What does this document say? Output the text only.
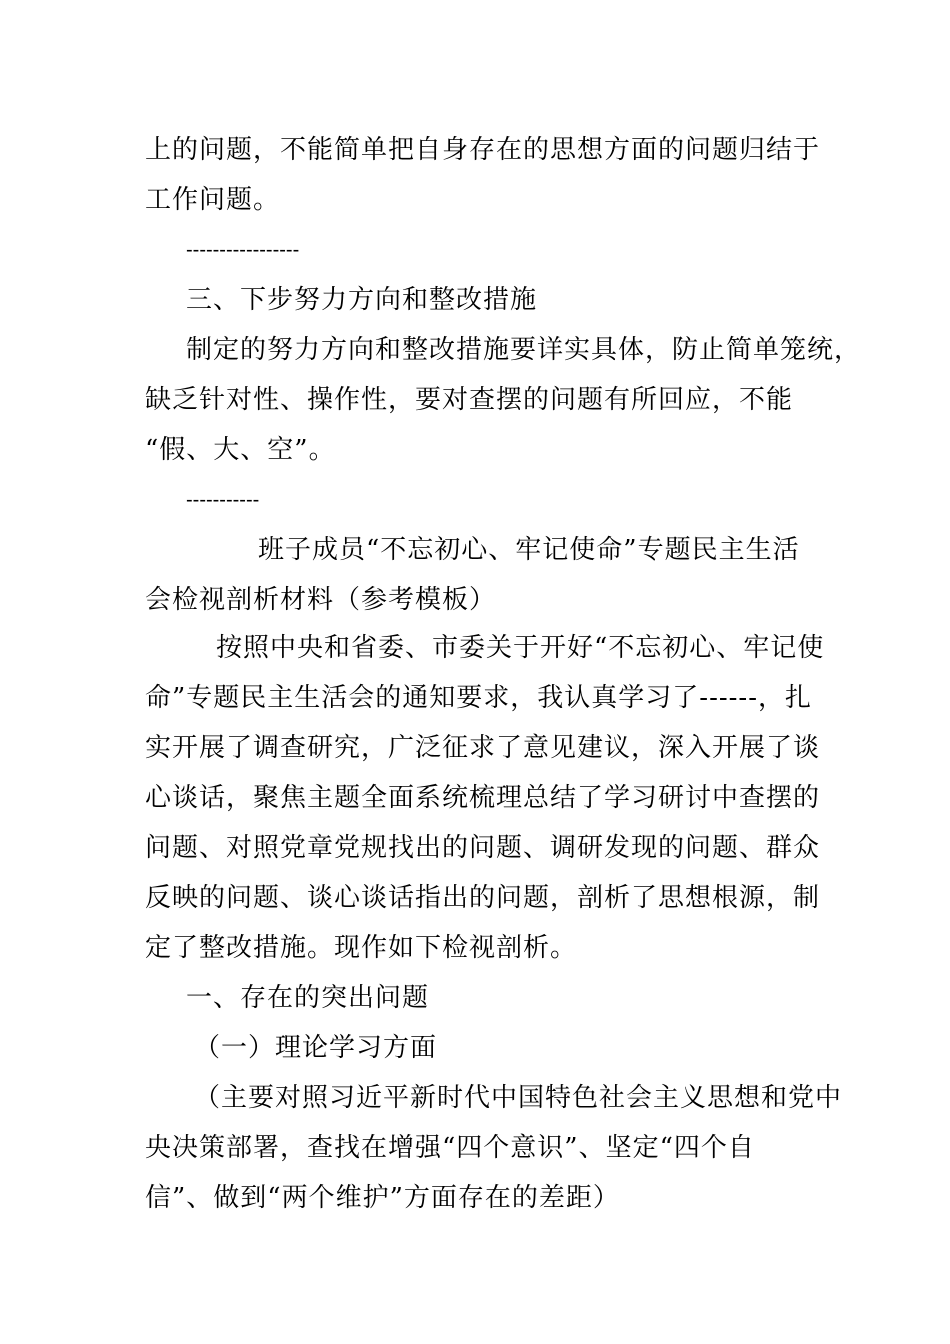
上的问题，不能简单把自身存在的思想方面的问题归结于
工作问题。
-----------------
三、下步努力方向和整改措施
制定的努力方向和整改措施要详实具体，防止简单笼统，
缺乏针对性、操作性，要对查摆的问题有所回应，不能
“假、大、空”。
-----------
班子成员“不忘初心、牢记使命”专题民主生活
会检视剖析材料（参考模板）
按照中央和省委、市委关于开好“不忘初心、牢记使
命”专题民主生活会的通知要求，我认真学习了------，扎
实开展了调查研究，广泛征求了意见建议，深入开展了谈
心谈话，聚焦主题全面系统梳理总结了学习研讨中查摆的
问题、对照党章党规找出的问题、调研发现的问题、群众
反映的问题、谈心谈话指出的问题，剖析了思想根源，制
定了整改措施。现作如下检视剖析。
一、存在的突出问题
（一）理论学习方面
（主要对照习近平新时代中国特色社会主义思想和党中
央决策部署，查找在增强“四个意识”、坚定“四个自
信”、做到“两个维护”方面存在的差距）
